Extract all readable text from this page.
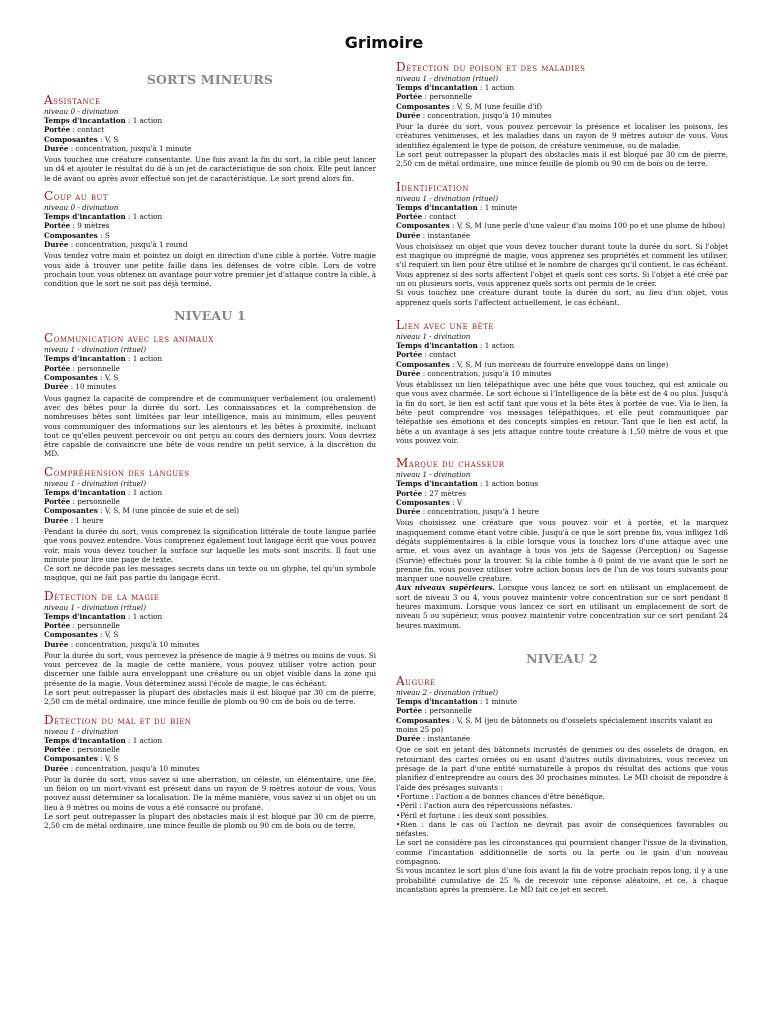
Grimoire
SORTS MINEURS
Assistance
niveau 0 - divination
Temps d'incantation : 1 action
Portée : contact
Composantes : V, S
Durée : concentration, jusqu'à 1 minute

Vous touchez une créature consentante. Une fois avant la fin du sort, la cible peut lancer un d4 et ajouter le résultat du dé à un jet de caractéristique de son choix. Elle peut lancer le dé avant ou après avoir effectué son jet de caractéristique. Le sort prend alors fin.

Coup au but
niveau 0 - divination
Temps d'incantation : 1 action
Portée : 9 mètres
Composantes : S
Durée : concentration, jusqu'à 1 round

Vous tendez votre main et pointez un doigt en direction d'une cible à portée. Votre magie vous aide à trouver une petite faille dans les défenses de votre cible. Lors de votre prochain tour, vous obtenez un avantage pour votre premier jet d'attaque contre la cible, à condition que le sort ne soit pas déjà terminé.

NIVEAU 1
Communication avec les animaux
niveau 1 - divination (rituel)
Temps d'incantation : 1 action
Portée : personnelle
Composantes : V, S
Durée : 10 minutes

Vous gagnez la capacité de comprendre et de communiquer verbalement (ou oralement) avec des bêtes pour la durée du sort. Les connaissances et la compréhension de nombreuses bêtes sont limitées par leur intelligence, mais au minimum, elles peuvent vous communiquer des informations sur les alentours et les bêtes à proximité, incluant tout ce qu'elles peuvent percevoir ou ont perçu au cours des derniers jours. Vous devriez être capable de convaincre une bête de vous rendre un petit service, à la discrétion du MD.

Compréhension des langues
niveau 1 - divination (rituel)
Temps d'incantation : 1 action
Portée : personnelle
Composantes : V, S, M (une pincée de suie et de sel)
Durée : 1 heure

Pendant la durée du sort, vous comprenez la signification littérale de toute langue parlée que vous pouvez entendre. Vous comprenez également tout langage écrit que vous pouvez voir, mais vous devez toucher la surface sur laquelle les mots sont inscrits. Il faut une minute pour lire une page de texte.

Ce sort ne décode pas les messages secrets dans un texte ou un glyphe, tel qu'un symbole magique, qui ne fait pas partie du langage écrit.

Détection de la magie
niveau 1 - divination (rituel)
Temps d'incantation : 1 action
Portée : personnelle
Composantes : V, S
Durée : concentration, jusqu'à 10 minutes

Pour la durée du sort, vous percevez la présence de magie à 9 mètres ou moins de vous. Si vous percevez de la magie de cette manière, vous pouvez utiliser votre action pour discerner une faible aura enveloppant une créature ou un objet visible dans la zone qui présente de la magie. Vous déterminez aussi l'école de magie, le cas échéant.

Le sort peut outrepasser la plupart des obstacles mais il est bloqué par 30 cm de pierre, 2,50 cm de métal ordinaire, une mince feuille de plomb ou 90 cm de bois ou de terre.

Détection du mal et du bien
niveau 1 - divination
Temps d'incantation : 1 action
Portée : personnelle
Composantes : V, S
Durée : concentration, jusqu'à 10 minutes

Pour la durée du sort, vous savez si une aberration, un céleste, un élémentaire, une fée, un fiélon ou un mort-vivant est présent dans un rayon de 9 mètres autour de vous. Vous pouvez aussi déterminer sa localisation. De la même manière, vous savez si un objet ou un lieu à 9 mètres ou moins de vous a été consacré ou profané.

Le sort peut outrepasser la plupart des obstacles mais il est bloqué par 30 cm de pierre, 2,50 cm de métal ordinaire, une mince feuille de plomb ou 90 cm de bois ou de terre.

Détection du poison et des maladies
niveau 1 - divination (rituel)
Temps d'incantation : 1 action
Portée : personnelle
Composantes : V, S, M (une feuille d'if)
Durée : concentration, jusqu'à 10 minutes

Pour la durée du sort, vous pouvez percevoir la présence et localiser les poisons, les créatures venimeuses, et les maladies dans un rayon de 9 mètres autour de vous. Vous identifiez également le type de poison, de créature venimeuse, ou de maladie.

Le sort peut outrepasser la plupart des obstacles mais il est bloqué par 30 cm de pierre, 2,50 cm de métal ordinaire, une mince feuille de plomb ou 90 cm de bois ou de terre.

Identification
niveau 1 - divination (rituel)
Temps d'incantation : 1 minute
Portée : contact
Composantes : V, S, M (une perle d'une valeur d'au moins 100 po et une plume de hibou)
Durée : instantanée

Vous choisissez un objet que vous devez toucher durant toute la durée du sort. Si l'objet est magique ou imprégné de magie, vous apprenez ses propriétés et comment les utiliser, s'il requiert un lien pour être utilisé et le nombre de charges qu'il contient, le cas échéant. Vous apprenez si des sorts affectent l'objet et quels sont ces sorts. Si l'objet a été créé par un ou plusieurs sorts, vous apprenez quels sorts ont permis de le créer.

Si vous touchez une créature durant toute la durée du sort, au lieu d'un objet, vous apprenez quels sorts l'affectent actuellement, le cas échéant.

Lien avec une bête
niveau 1 - divination
Temps d'incantation : 1 action
Portée : contact
Composantes : V, S, M (un morceau de fourrure enveloppé dans un linge)
Durée : concentration, jusqu'à 10 minutes

Vous établissez un lien télépathique avec une bête que vous touchez, qui est amicale ou que vous avez charmée. Le sort échoue si l'Intelligence de la bête est de 4 ou plus. Jusqu'à la fin du sort, le lien est actif tant que vous et la bête êtes à portée de vue. Via le lien, la bête peut comprendre vos messages télépathiques, et elle peut communiquer par télépathie ses émotions et des concepts simples en retour. Tant que le lien est actif, la bête a un avantage à ses jets attaque contre toute créature à 1,50 mètre de vous et que vous pouvez voir.

Marque du chasseur
niveau 1 - divination
Temps d'incantation : 1 action bonus
Portée : 27 mètres
Composantes : V
Durée : concentration, jusqu'à 1 heure

Vous choisissez une créature que vous pouvez voir et à portée, et la marquez magiquement comme étant votre cible. Jusqu'à ce que le sort prenne fin, vous infligez 1d6 dégâts supplémentaires à la cible lorsque vous la touchez lors d'une attaque avec une arme, et vous avez un avantage à tous vos jets de Sagesse (Perception) ou Sagesse (Survie) effectués pour la trouver. Si la cible tombe à 0 point de vie avant que le sort ne prenne fin, vous pouvez utiliser votre action bonus lors de l'un de vos tours suivants pour marquer une nouvelle créature.

Aux niveaux supérieurs. Lorsque vous lancez ce sort en utilisant un emplacement de sort de niveau 3 ou 4, vous pouvez maintenir votre concentration sur ce sort pendant 8 heures maximum. Lorsque vous lancez ce sort en utilisant un emplacement de sort de niveau 5 ou supérieur, vous pouvez maintenir votre concentration sur ce sort pendant 24 heures maximum.

NIVEAU 2
Augure
niveau 2 - divination (rituel)
Temps d'incantation : 1 minute
Portée : personnelle
Composantes : V, S, M (jeu de bâtonnets ou d'osselets spécialement inscrits valant au moins 25 po)
Durée : instantanée

Que ce soit en jetant des bâtonnets incrustés de gemmes ou des osselets de dragon, en retournant des cartes ornées ou en usant d'autres outils divinatoires, vous recevez un présage de la part d'une entité surnaturelle à propos du résultat des actions que vous planifiez d'entreprendre au cours des 30 prochaines minutes. Le MD choisit de répondre à l'aide des présages suivants :

• Fortune : l'action a de bonnes chances d'être bénéfique.
• Péril : l'action aura des répercussions néfastes.
• Péril et fortune : les deux sont possibles.
• Rien : dans le cas où l'action ne devrait pas avoir de conséquences favorables ou néfastes.

Le sort ne considère pas les circonstances qui pourraient changer l'issue de la divination, comme l'incantation additionnelle de sorts ou la perte ou le gain d'un nouveau compagnon.

Si vous incantez le sort plus d'une fois avant la fin de votre prochain repos long, il y a une probabilité cumulative de 25 % de recevoir une réponse aléatoire, et ce, à chaque incantation après la première. Le MD fait ce jet en secret.
